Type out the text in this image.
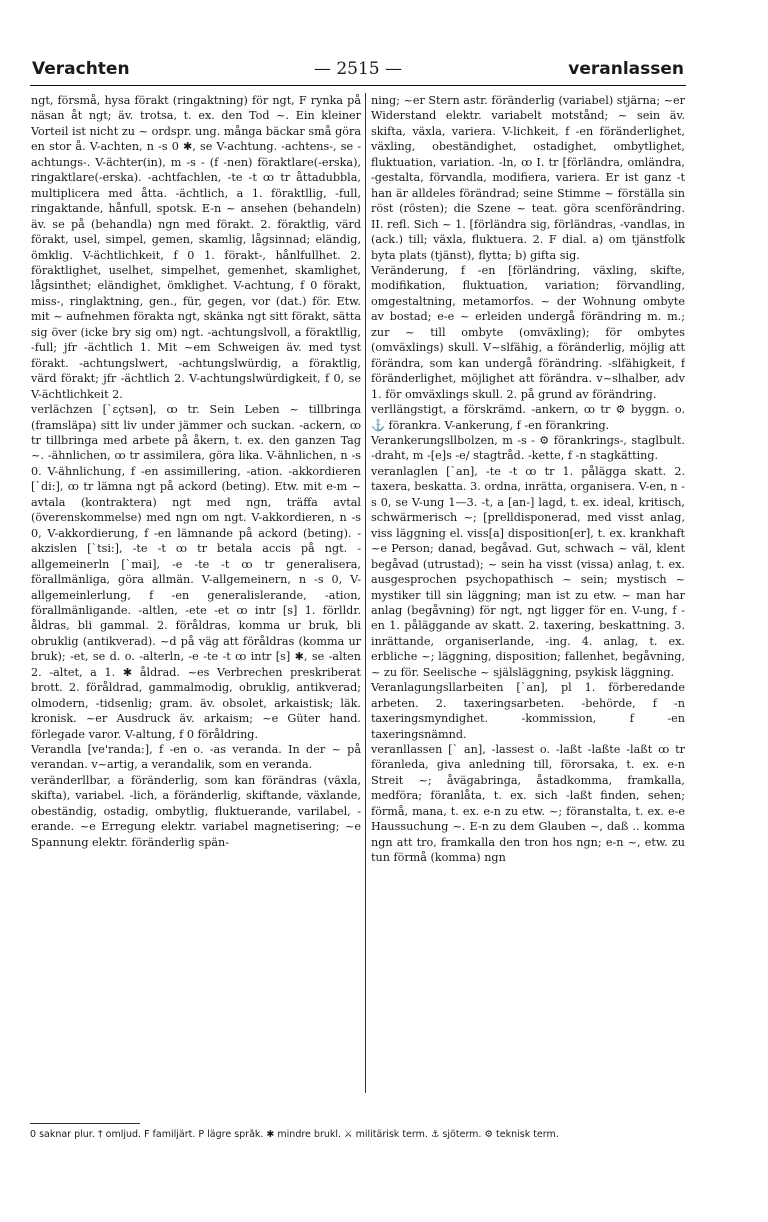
Verachten	— 2515 —	veranlassen

ngt, försmå, hysa förakt (ringaktning) för ngt, F rynka på näsan åt ngt; äv. trotsa, t. ex. den Tod ~. Ein kleiner Vorteil ist nicht zu ~ ordspr. ung. många bäckar små göra en stor å. V-achten, n -s 0 ✱, se V-achtung. -achtens-, se -achtungs-. V-ächter(in), m -s - (f -nen) föraktlare(-erska), ringaktlare(-erska). -achtfachlen, -te -t ꝏ tr åttadubbla, multiplicera med åtta. -ächtlich, a 1. föraktllig, -full, ringaktande, hånfull, spotsk. E-n ~ ansehen (behandeln) äv. se på (behandla) ngn med förakt. 2. föraktlig, värd förakt, usel, simpel, gemen, skamlig, lågsinnad; eländig, ömklig. V-ächtlichkeit, f 0 1. förakt-, hånlfullhet. 2. föraktlighet, uselhet, simpelhet, gemenhet, skamlighet, lågsinthet; eländighet, ömklighet. V-achtung, f 0 förakt, miss-, ringlaktning, gen., für, gegen, vor (dat.) för. Etw. mit ~ aufnehmen förakta ngt, skänka ngt sitt förakt, sätta sig över (icke bry sig om) ngt. -achtungslvoll, a föraktllig, -full; jfr -ächtlich 1. Mit ~em Schweigen äv. med tyst förakt. -achtungslwert, -achtungslwürdig, a föraktlig, värd förakt; jfr -ächtlich 2. V-achtungslwürdigkeit, f 0, se V-ächtlichkeit 2.

verlächzen [`ɛçtsən], ꝏ tr. Sein Leben ~ tillbringa (framsläpa) sitt liv under jämmer och suckan. -ackern, ꝏ tr tillbringa med arbete på åkern, t. ex. den ganzen Tag ~. -ähnlichen, ꝏ tr assimilera, göra lika. V-ähnlichen, n -s 0. V-ähnlichung, f -en assimillering, -ation. -akkordieren [`di:], ꝏ tr lämna ngt på ackord (beting). Etw. mit e-m ~ avtala (kontraktera) ngt med ngn, träffa avtal (överenskommelse) med ngn om ngt. V-akkordieren, n -s 0, V-akkordierung, f -en lämnande på ackord (beting). -akzislen [`tsi:], -te -t ꝏ tr betala accis på ngt. -allgemeinerln [`mai], -e -te -t ꝏ tr generalisera, förallmänliga, göra allmän. V-allgemeinern, n -s 0, V-allgemeinlerlung, f -en generalislerande, -ation, förallmänligande. -altlen, -ete -et ꝏ intr [s] 1. förlldr. åldras, bli gammal. 2. föråldras, komma ur bruk, bli obruklig (antikverad). ~d på väg att föråldras (komma ur bruk); -et, se d. o. -alterln, -e -te -t ꝏ intr [s] ✱, se -alten 2. -altet, a 1. ✱ åldrad. ~es Verbrechen preskriberat brott. 2. föråldrad, gammalmodig, obruklig, antikverad; olmodern, -tidsenlig; gram. äv. obsolet, arkaistisk; läk. kronisk. ~er Ausdruck äv. arkaism; ~e Güter hand. förlegade varor. V-altung, f 0 föråldring.

Verandla [ve'randa:], f -en o. -as veranda. In der ~ på verandan. v~artig, a verandalik, som en veranda.

veränderllbar, a föränderlig, som kan förändras (växla, skifta), variabel. -lich, a föränderlig, skiftande, växlande, obeständig, ostadig, ombytlig, fluktuerande, varilabel, -erande. ~e Erregung elektr. variabel magnetisering; ~e Spannung elektr. föränderlig spän-

ning; ~er Stern astr. föränderlig (variabel) stjärna; ~er Widerstand elektr. variabelt motstånd; ~ sein äv. skifta, växla, variera. V-lichkeit, f -en föränderlighet, växling, obeständighet, ostadighet, ombytlighet, fluktuation, variation. -ln, ꝏ I. tr [förländra, omländra, -gestalta, förvandla, modifiera, variera. Er ist ganz -t han är alldeles förändrad; seine Stimme ~ förställa sin röst (rösten); die Szene ~ teat. göra scenförändring. II. refl. Sich ~ 1. [förländra sig, förländras, -vandlas, in (ack.) till; växla, fluktuera. 2. F dial. a) om tjänstfolk byta plats (tjänst), flytta; b) gifta sig.

Veränderung, f -en [förländring, växling, skifte, modifikation, fluktuation, variation; förvandling, omgestaltning, metamorfos. ~ der Wohnung ombyte av bostad; e-e ~ erleiden undergå förändring m. m.; zur ~ till ombyte (omväxling); för ombytes (omväxlings) skull. V~slfähig, a föränderlig, möjlig att förändra, som kan undergå förändring. -slfähigkeit, f föränderlighet, möjlighet att förändra. v~slhalber, adv 1. för omväxlings skull. 2. på grund av förändring.

verllängstigt, a förskrämd. -ankern, ꝏ tr ⚙ byggn. o. ⚓ förankra. V-ankerung, f -en förankring.

Verankerungsllbolzen, m -s - ⚙ förankrings-, staglbult. -draht, m -[e]s -e/ stagtråd. -kette, f -n stagkätting.

veranlaglen [`an], -te -t ꝏ tr 1. pålägga skatt. 2. taxera, beskatta. 3. ordna, inrätta, organisera. V-en, n -s 0, se V-ung 1—3. -t, a [an-] lagd, t. ex. ideal, kritisch, schwärmerisch ~; [prelldisponerad, med visst anlag, viss läggning el. viss[a] disposition[er], t. ex. krankhaft ~e Person; danad, begåvad. Gut, schwach ~ väl, klent begåvad (utrustad); ~ sein ha visst (vissa) anlag, t. ex. ausgesprochen psychopathisch ~ sein; mystisch ~ mystiker till sin läggning; man ist zu etw. ~ man har anlag (begåvning) för ngt, ngt ligger för en. V-ung, f -en 1. påläggande av skatt. 2. taxering, beskattning. 3. inrättande, organiserlande, -ing. 4. anlag, t. ex. erbliche ~; läggning, disposition; fallenhet, begåvning, ~ zu för. Seelische ~ själsläggning, psykisk läggning.

Veranlagungsllarbeiten [`an], pl 1. förberedande arbeten. 2. taxeringsarbeten. -behörde, f -n taxeringsmyndighet. -kommission, f -en taxeringsnämnd.

veranllassen [` an], -lassest o. -laßt -laßte -laßt ꝏ tr föranleda, giva anledning till, förorsaka, t. ex. e-n Streit ~; åvägabringa, åstadkomma, framkalla, medföra; föranlåta, t. ex. sich -laßt finden, sehen; förmå, mana, t. ex. e-n zu etw. ~; föranstalta, t. ex. e-e Haussuchung ~. E-n zu dem Glauben ~, daß .. komma ngn att tro, framkalla den tron hos ngn; e-n ~, etw. zu tun förmå (komma) ngn

0 saknar plur. † omljud. F familjärt. P lägre språk. ✱ mindre brukl. ⚔ militärisk term. ⚓ sjöterm. ⚙ teknisk term.
